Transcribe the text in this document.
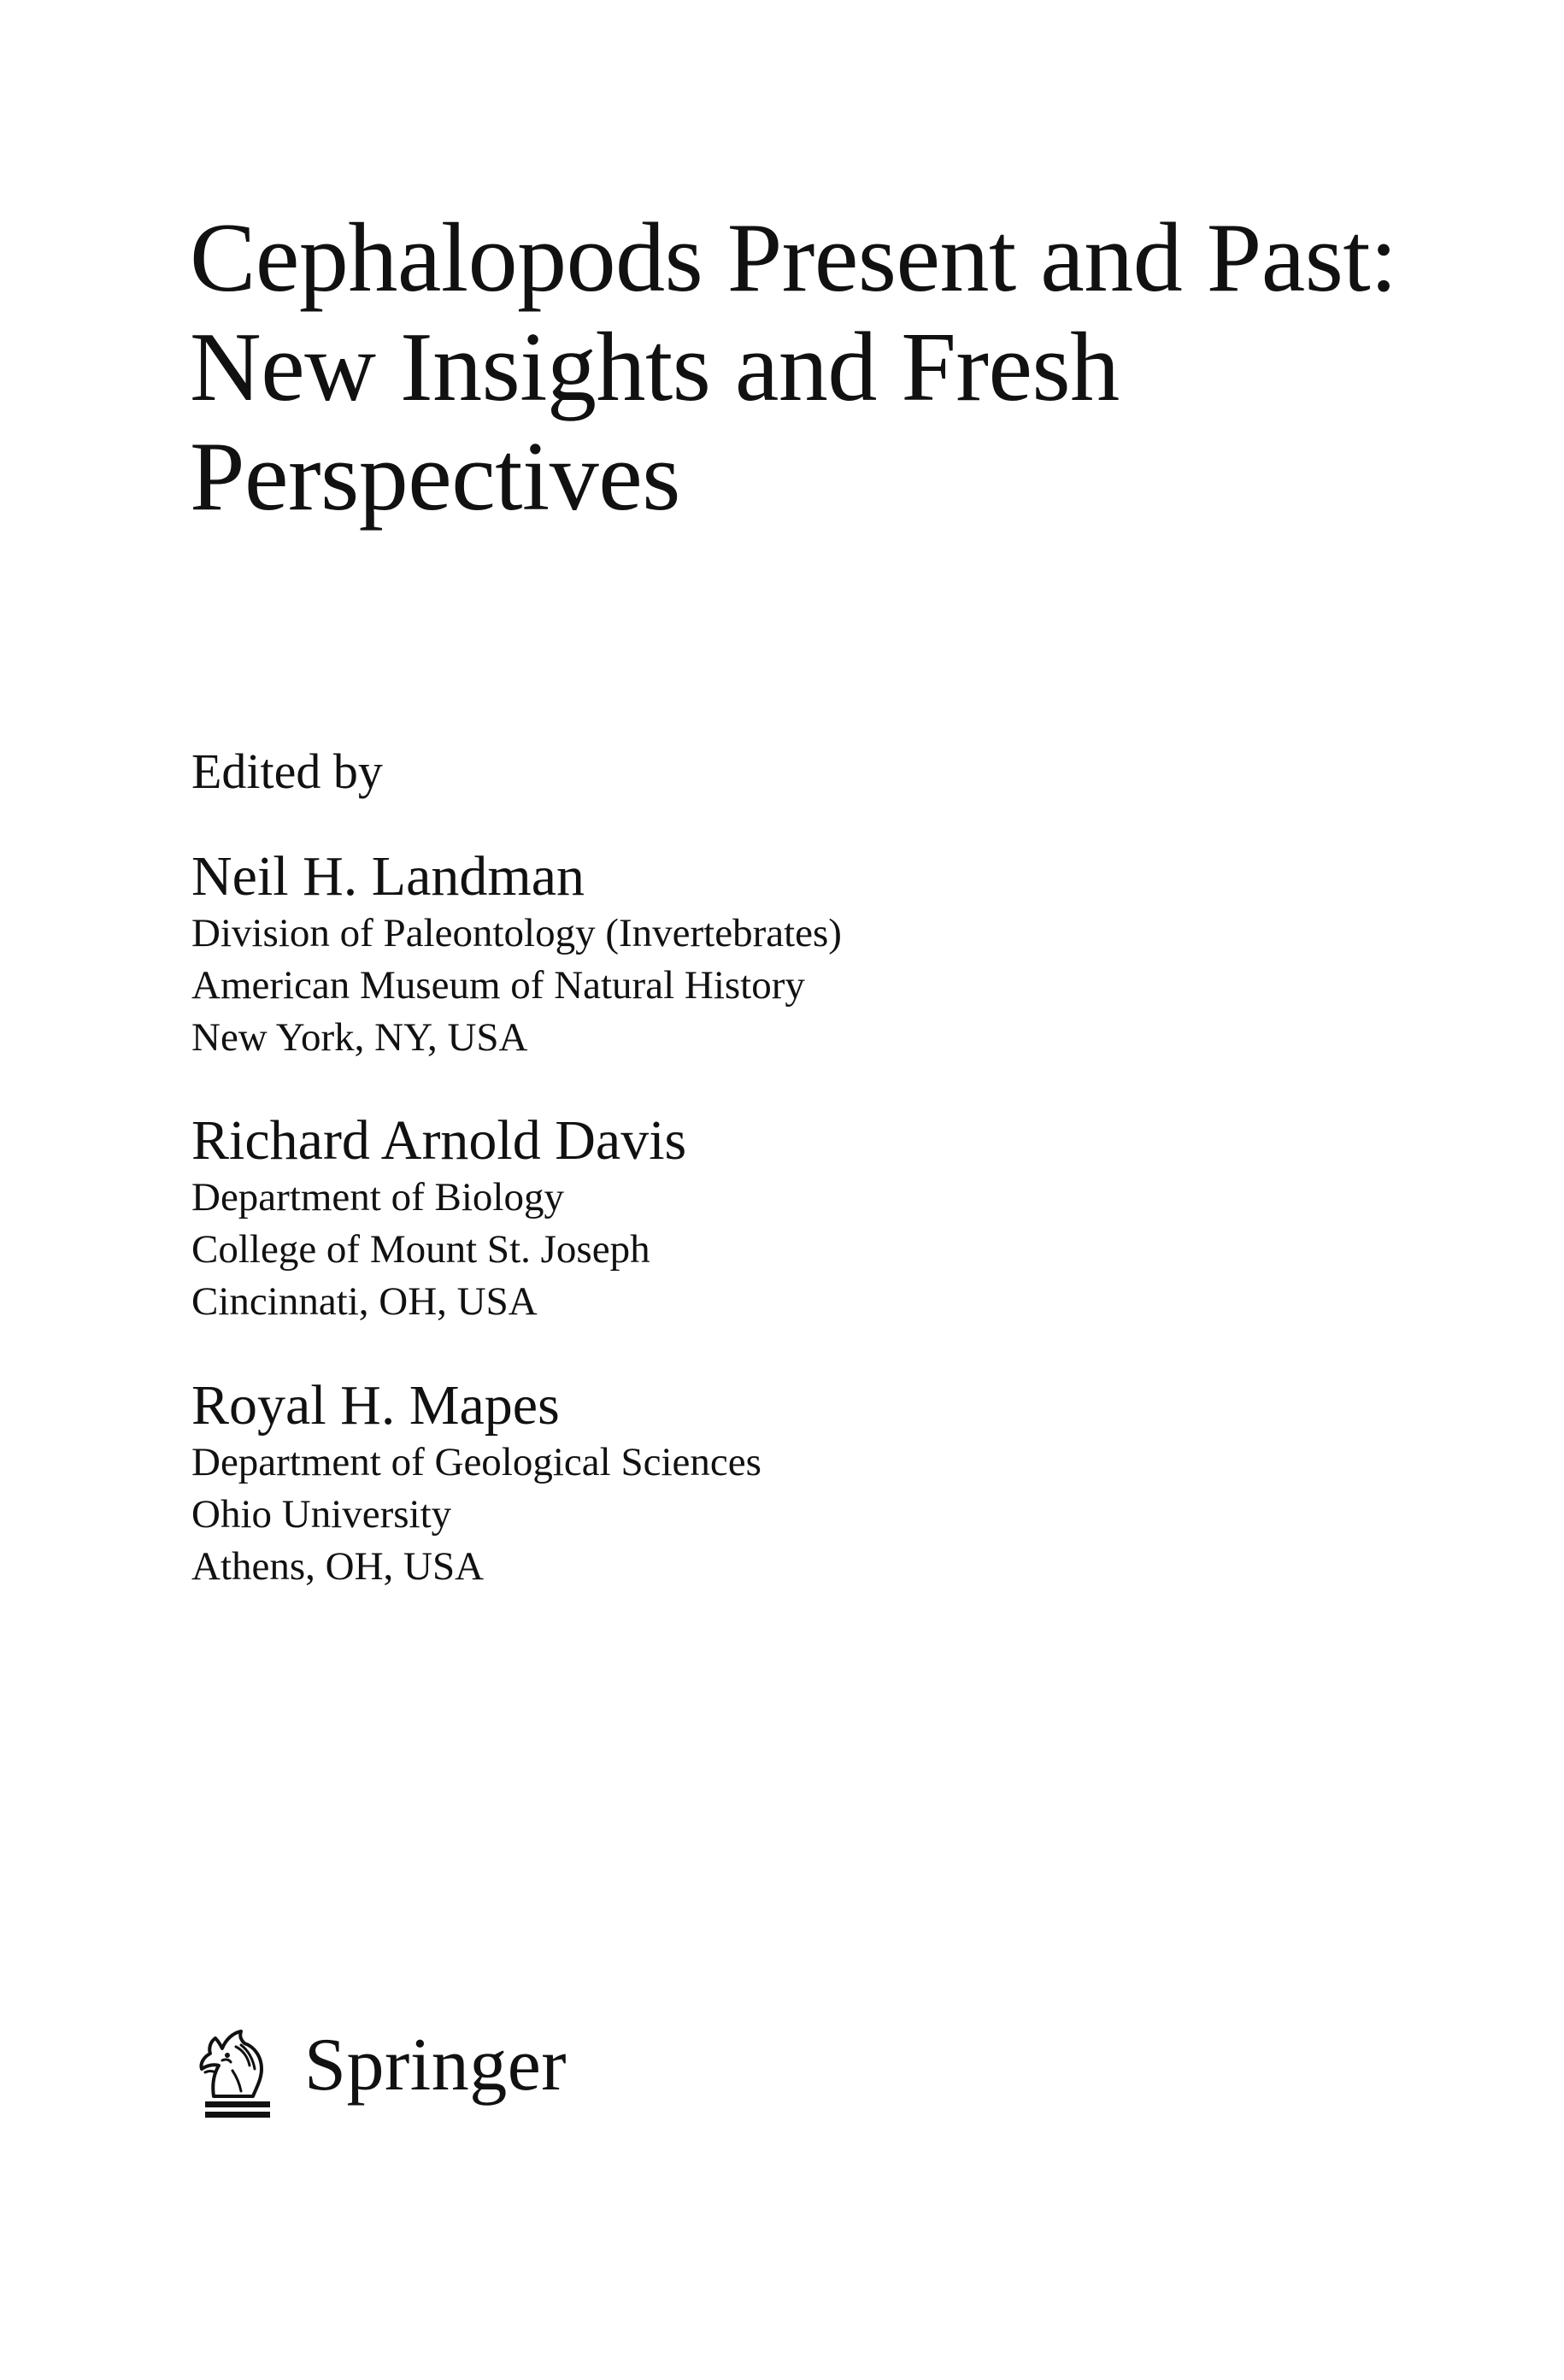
Cephalopods Present and Past:
New Insights and Fresh
Perspectives
Edited by
Neil H. Landman
Division of Paleontology (Invertebrates)
American Museum of Natural History
New York, NY, USA
Richard Arnold Davis
Department of Biology
College of Mount St. Joseph
Cincinnati, OH, USA
Royal H. Mapes
Department of Geological Sciences
Ohio University
Athens, OH, USA
Springer
